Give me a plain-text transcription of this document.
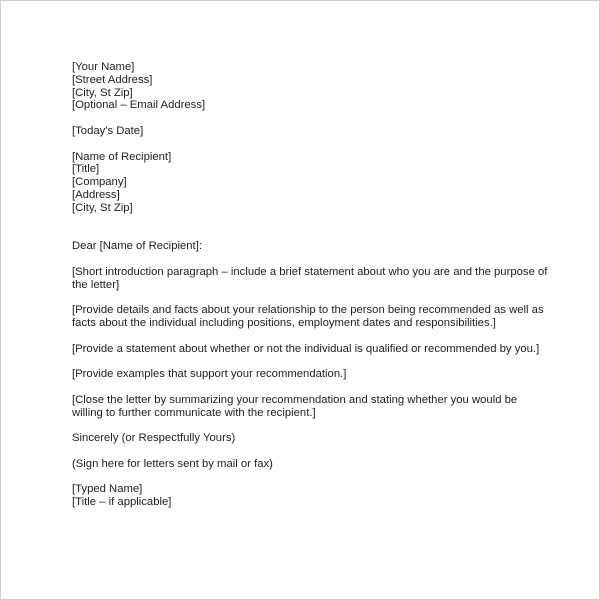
[Your Name]
[Street Address]
[City, St Zip]
[Optional – Email Address]
[Today's Date]
[Name of Recipient]
[Title]
[Company]
[Address]
[City, St Zip]
Dear [Name of Recipient]:
[Short introduction paragraph – include a brief statement about who you are and the purpose of
the letter]
[Provide details and facts about your relationship to the person being recommended as well as
facts about the individual including positions, employment dates and responsibilities.]
[Provide a statement about whether or not the individual is qualified or recommended by you.]
[Provide examples that support your recommendation.]
[Close the letter by summarizing your recommendation and stating whether you would be
willing to further communicate with the recipient.]
Sincerely (or Respectfully Yours)
(Sign here for letters sent by mail or fax)
[Typed Name]
[Title – if applicable]
